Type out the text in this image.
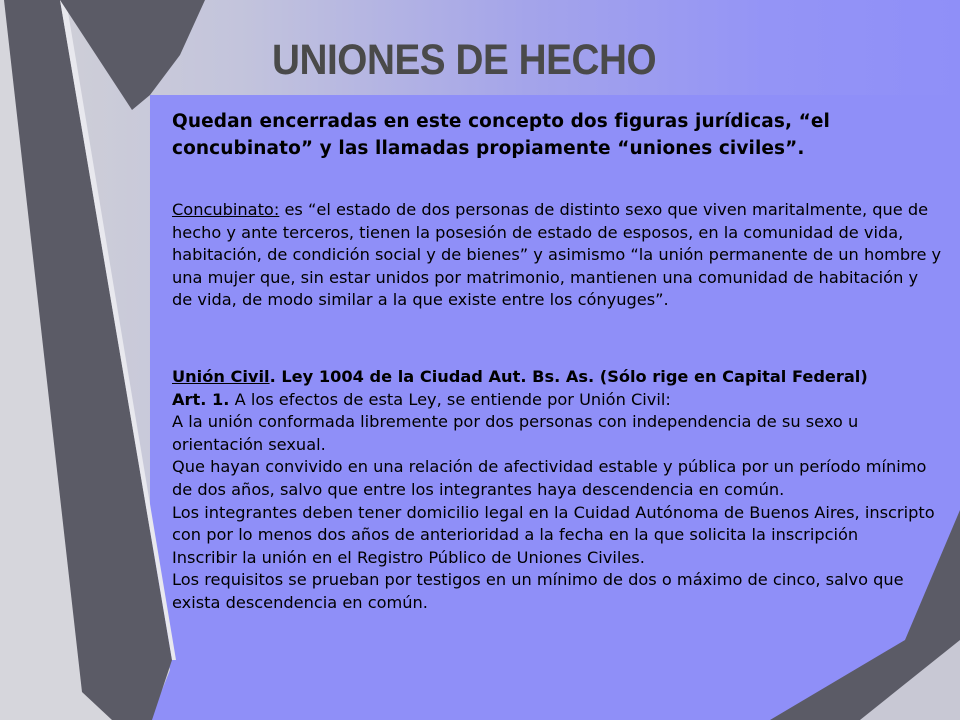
UNIONES DE HECHO
Quedan encerradas en este concepto dos figuras jurídicas, “el concubinato” y las llamadas propiamente “uniones civiles”.
Concubinato: es “el estado de dos personas de distinto sexo que viven maritalmente, que de hecho y ante terceros, tienen la posesión de estado de esposos, en la comunidad de vida, habitación, de condición social y de bienes” y asimismo “la unión permanente de un hombre y una mujer que, sin estar unidos por matrimonio, mantienen una comunidad de habitación y de vida, de modo similar a la que existe entre los cónyuges”.
Unión Civil. Ley 1004 de la Ciudad Aut. Bs. As. (Sólo rige en Capital Federal)
Art. 1. A los efectos de esta Ley, se entiende por Unión Civil:
A la unión conformada libremente por dos personas con independencia de su sexo u orientación sexual.
Que hayan convivido en una relación de afectividad estable y pública por un período mínimo de dos años, salvo que entre los integrantes haya descendencia en común.
Los integrantes deben tener domicilio legal en la Cuidad Autónoma de Buenos Aires, inscripto con por lo menos dos años de anterioridad a la fecha en la que solicita la inscripción
Inscribir la unión en el Registro Público de Uniones Civiles.
Los requisitos se prueban por testigos en un mínimo de dos o máximo de cinco, salvo que exista descendencia en común.
